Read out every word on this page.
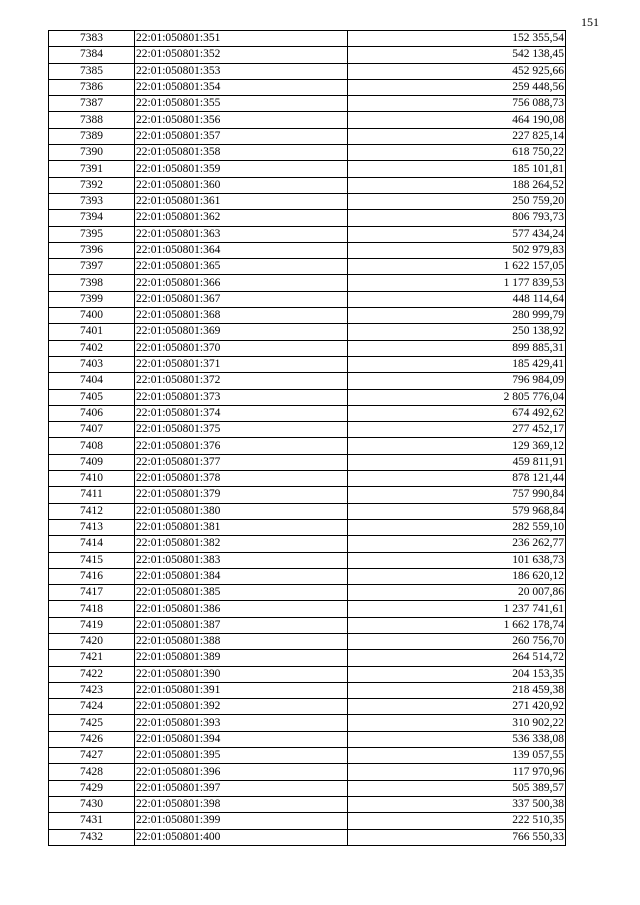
151
7383	22:01:050801:351	152 355,54
7384	22:01:050801:352	542 138,45
7385	22:01:050801:353	452 925,66
7386	22:01:050801:354	259 448,56
7387	22:01:050801:355	756 088,73
7388	22:01:050801:356	464 190,08
7389	22:01:050801:357	227 825,14
7390	22:01:050801:358	618 750,22
7391	22:01:050801:359	185 101,81
7392	22:01:050801:360	188 264,52
7393	22:01:050801:361	250 759,20
7394	22:01:050801:362	806 793,73
7395	22:01:050801:363	577 434,24
7396	22:01:050801:364	502 979,83
7397	22:01:050801:365	1 622 157,05
7398	22:01:050801:366	1 177 839,53
7399	22:01:050801:367	448 114,64
7400	22:01:050801:368	280 999,79
7401	22:01:050801:369	250 138,92
7402	22:01:050801:370	899 885,31
7403	22:01:050801:371	185 429,41
7404	22:01:050801:372	796 984,09
7405	22:01:050801:373	2 805 776,04
7406	22:01:050801:374	674 492,62
7407	22:01:050801:375	277 452,17
7408	22:01:050801:376	129 369,12
7409	22:01:050801:377	459 811,91
7410	22:01:050801:378	878 121,44
7411	22:01:050801:379	757 990,84
7412	22:01:050801:380	579 968,84
7413	22:01:050801:381	282 559,10
7414	22:01:050801:382	236 262,77
7415	22:01:050801:383	101 638,73
7416	22:01:050801:384	186 620,12
7417	22:01:050801:385	20 007,86
7418	22:01:050801:386	1 237 741,61
7419	22:01:050801:387	1 662 178,74
7420	22:01:050801:388	260 756,70
7421	22:01:050801:389	264 514,72
7422	22:01:050801:390	204 153,35
7423	22:01:050801:391	218 459,38
7424	22:01:050801:392	271 420,92
7425	22:01:050801:393	310 902,22
7426	22:01:050801:394	536 338,08
7427	22:01:050801:395	139 057,55
7428	22:01:050801:396	117 970,96
7429	22:01:050801:397	505 389,57
7430	22:01:050801:398	337 500,38
7431	22:01:050801:399	222 510,35
7432	22:01:050801:400	766 550,33
